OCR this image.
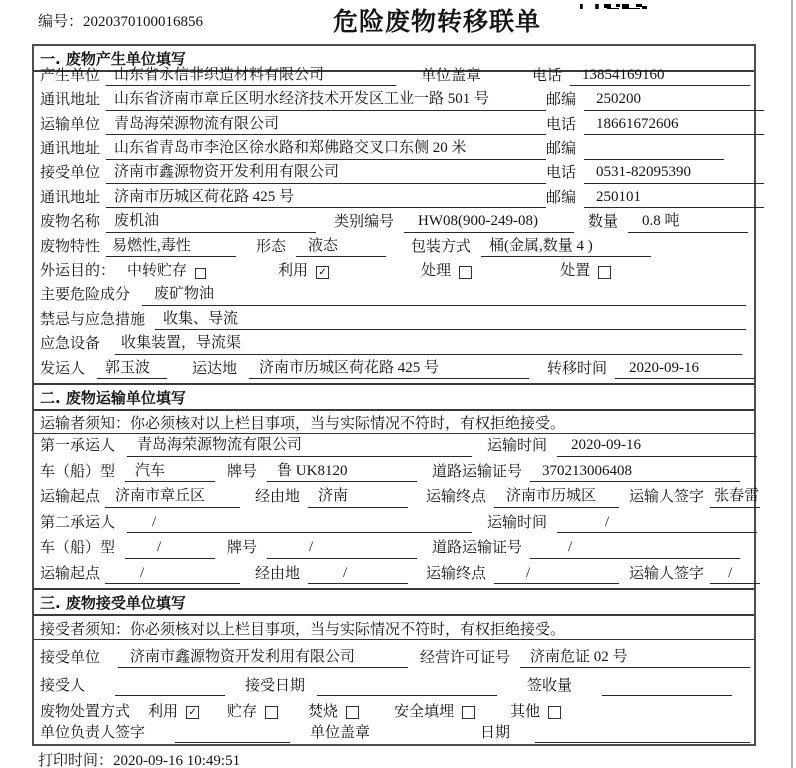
编号：2020370100016856	危险废物转移联单
一. 废物产生单位填写
产生单位 山东省永信非织造材料有限公司	单位盖章	电话	13854169160
通讯地址 山东省济南市章丘区明水经济技术开发区工业一路 501 号	邮编	250200
运输单位 青岛海荣源物流有限公司	电话	18661672606
通讯地址 山东省青岛市李沧区徐水路和郑佛路交叉口东侧 20 米	邮编
接受单位 济南市鑫源物资开发利用有限公司	电话	0531-82095390
通讯地址 济南市历城区荷花路 425 号	邮编	250101
废物名称 废机油	类别编号	HW08(900-249-08)	数量	0.8 吨
废物特性 易燃性,毒性	形态	液态	包装方式	桶(金属,数量 4 )
外运目的： 中转贮存	利用 ✓	处理	处置
主要危险成分	废矿物油
禁忌与应急措施	收集、导流
应急设备	收集装置，导流渠
发运人	郭玉波	运达地	济南市历城区荷花路 425 号	转移时间	2020-09-16
二. 废物运输单位填写
运输者须知：你必须核对以上栏目事项，当与实际情况不符时，有权拒绝接受。
第一承运人	青岛海荣源物流有限公司	运输时间	2020-09-16
车（船）型	汽车	牌号	鲁 UK8120	道路运输证号	370213006408
运输起点	济南市章丘区	经由地	济南	运输终点	济南市历城区	运输人签字 张春雷
第二承运人	/	运输时间	/
车（船）型	/	牌号	/	道路运输证号	/
运输起点	/	经由地	/	运输终点	/	运输人签字	/
三. 废物接受单位填写
接受者须知：你必须核对以上栏目事项，当与实际情况不符时，有权拒绝接受。
接受单位	济南市鑫源物资开发利用有限公司	经营许可证号	济南危证 02 号
接受人	接受日期	签收量
废物处置方式 利用 ✓ 贮存	焚烧	安全填埋	其他
单位负责人签字	单位盖章	日期
打印时间：2020-09-16 10:49:51
